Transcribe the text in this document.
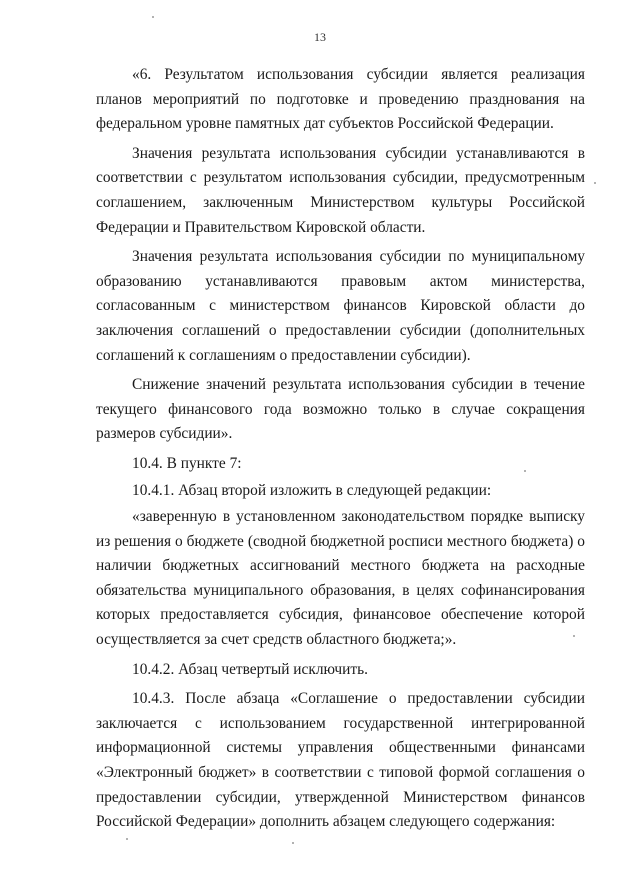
13

«6. Результатом использования субсидии является реализация планов мероприятий по подготовке и проведению празднования на федеральном уровне памятных дат субъектов Российской Федерации.

Значения результата использования субсидии устанавливаются в соответствии с результатом использования субсидии, предусмотренным соглашением, заключенным Министерством культуры Российской Федерации и Правительством Кировской области.

Значения результата использования субсидии по муниципальному образованию устанавливаются правовым актом министерства, согласованным с министерством финансов Кировской области до заключения соглашений о предоставлении субсидии (дополнительных соглашений к соглашениям о предоставлении субсидии).

Снижение значений результата использования субсидии в течение текущего финансового года возможно только в случае сокращения размеров субсидии».

10.4. В пункте 7:

10.4.1. Абзац второй изложить в следующей редакции:

«заверенную в установленном законодательством порядке выписку из решения о бюджете (сводной бюджетной росписи местного бюджета) о наличии бюджетных ассигнований местного бюджета на расходные обязательства муниципального образования, в целях софинансирования которых предоставляется субсидия, финансовое обеспечение которой осуществляется за счет средств областного бюджета;».

10.4.2. Абзац четвертый исключить.

10.4.3. После абзаца «Соглашение о предоставлении субсидии заключается с использованием государственной интегрированной информационной системы управления общественными финансами «Электронный бюджет» в соответствии с типовой формой соглашения о предоставлении субсидии, утвержденной Министерством финансов Российской Федерации» дополнить абзацем следующего содержания:
